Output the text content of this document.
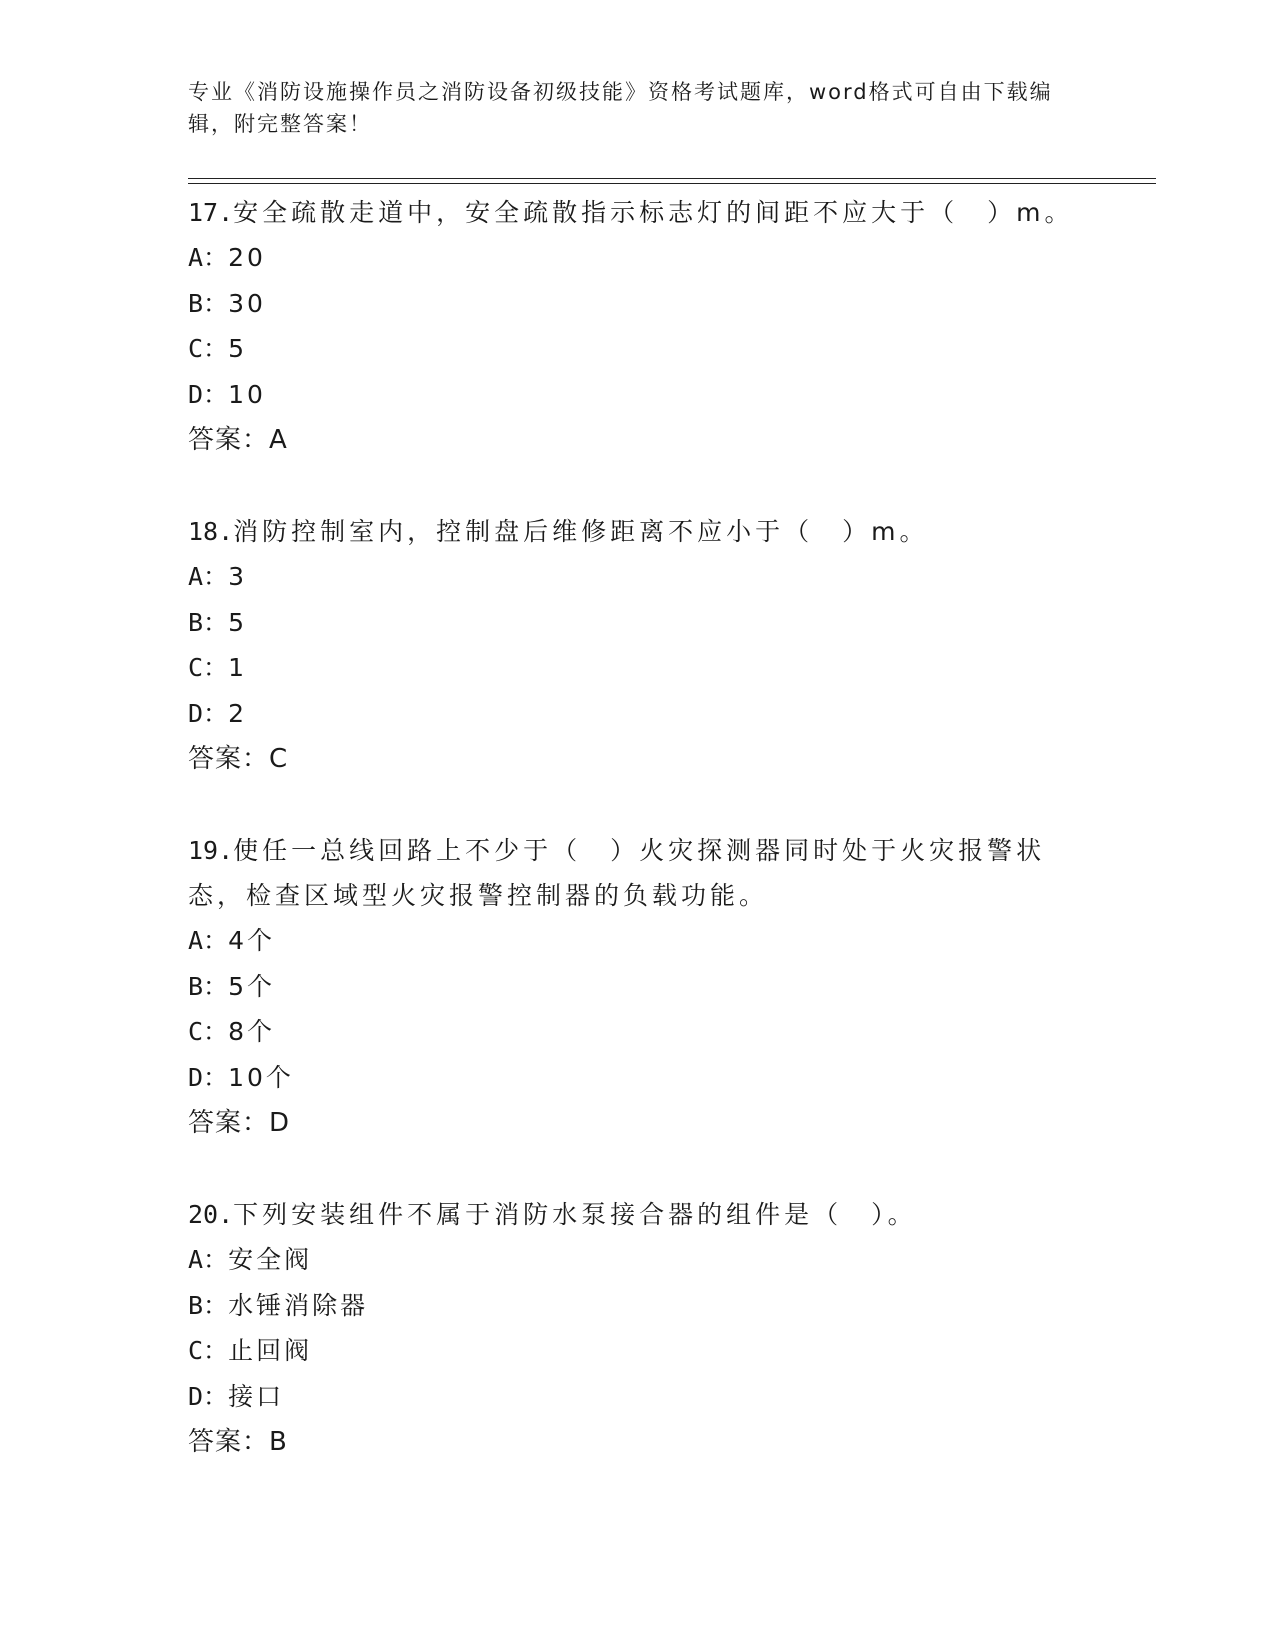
专业《消防设施操作员之消防设备初级技能》资格考试题库，word格式可自由下载编辑，附完整答案！

17.安全疏散走道中，安全疏散指示标志灯的间距不应大于（　）m。

A：20
B：30
C：5
D：10

答案：A

18.消防控制室内，控制盘后维修距离不应小于（　）m。

A：3
B：5
C：1
D：2

答案：C

19.使任一总线回路上不少于（　）火灾探测器同时处于火灾报警状态，检查区域型火灾报警控制器的负载功能。

A：4个
B：5个
C：8个
D：10个

答案：D

20.下列安装组件不属于消防水泵接合器的组件是（　）。

A：安全阀
B：水锤消除器
C：止回阀
D：接口

答案：B
